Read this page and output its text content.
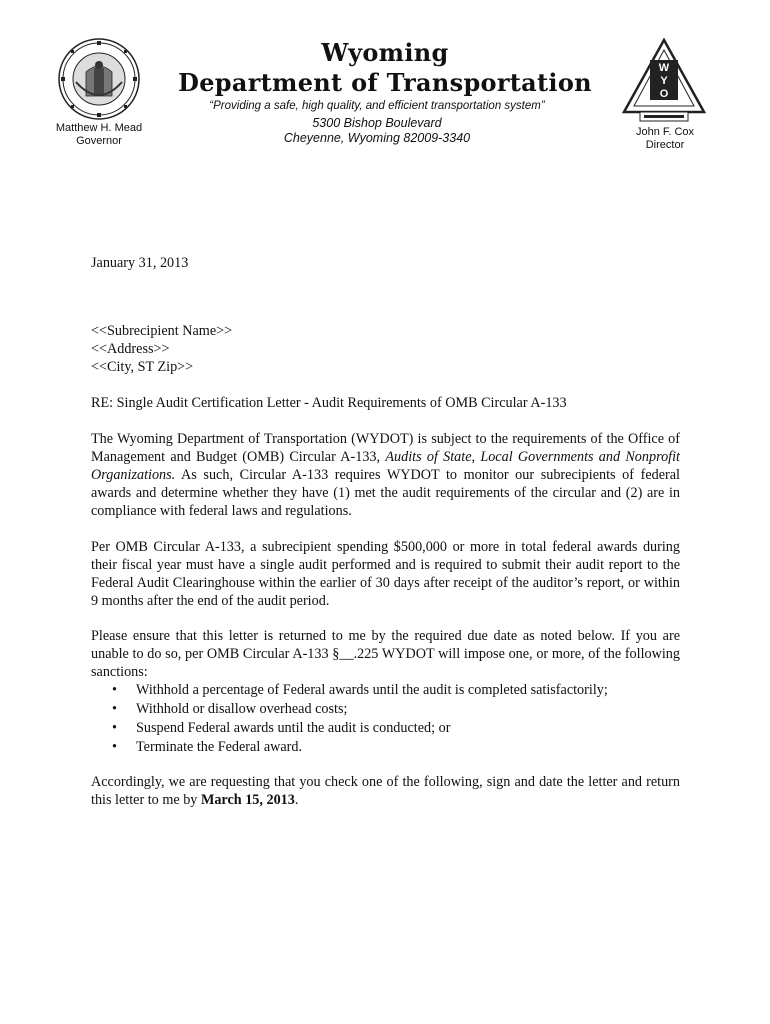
W
Y
O
Wyoming
Department of Transportation
“Providing a safe, high quality, and efficient transportation system”
5300 Bishop Boulevard
Cheyenne, Wyoming 82009-3340
Matthew H. Mead
Governor
John F. Cox
Director
January 31, 2013
<<Subrecipient Name>>
<<Address>>
<<City, ST Zip>>
RE: Single Audit Certification Letter - Audit Requirements of OMB Circular A-133

The Wyoming Department of Transportation (WYDOT) is subject to the requirements of the Office of Management and Budget (OMB) Circular A-133, Audits of State, Local Governments and Nonprofit Organizations. As such, Circular A-133 requires WYDOT to monitor our subrecipients of federal awards and determine whether they have (1) met the audit requirements of the circular and (2) are in compliance with federal laws and regulations.

Per OMB Circular A-133, a subrecipient spending $500,000 or more in total federal awards during their fiscal year must have a single audit performed and is required to submit their audit report to the Federal Audit Clearinghouse within the earlier of 30 days after receipt of the auditor’s report, or within 9 months after the end of the audit period.

Please ensure that this letter is returned to me by the required due date as noted below. If you are unable to do so, per OMB Circular A-133 §__.225 WYDOT will impose one, or more, of the following sanctions:

• Withhold a percentage of Federal awards until the audit is completed satisfactorily;
• Withhold or disallow overhead costs;
• Suspend Federal awards until the audit is conducted; or
• Terminate the Federal award.

Accordingly, we are requesting that you check one of the following, sign and date the letter and return this letter to me by March 15, 2013.
